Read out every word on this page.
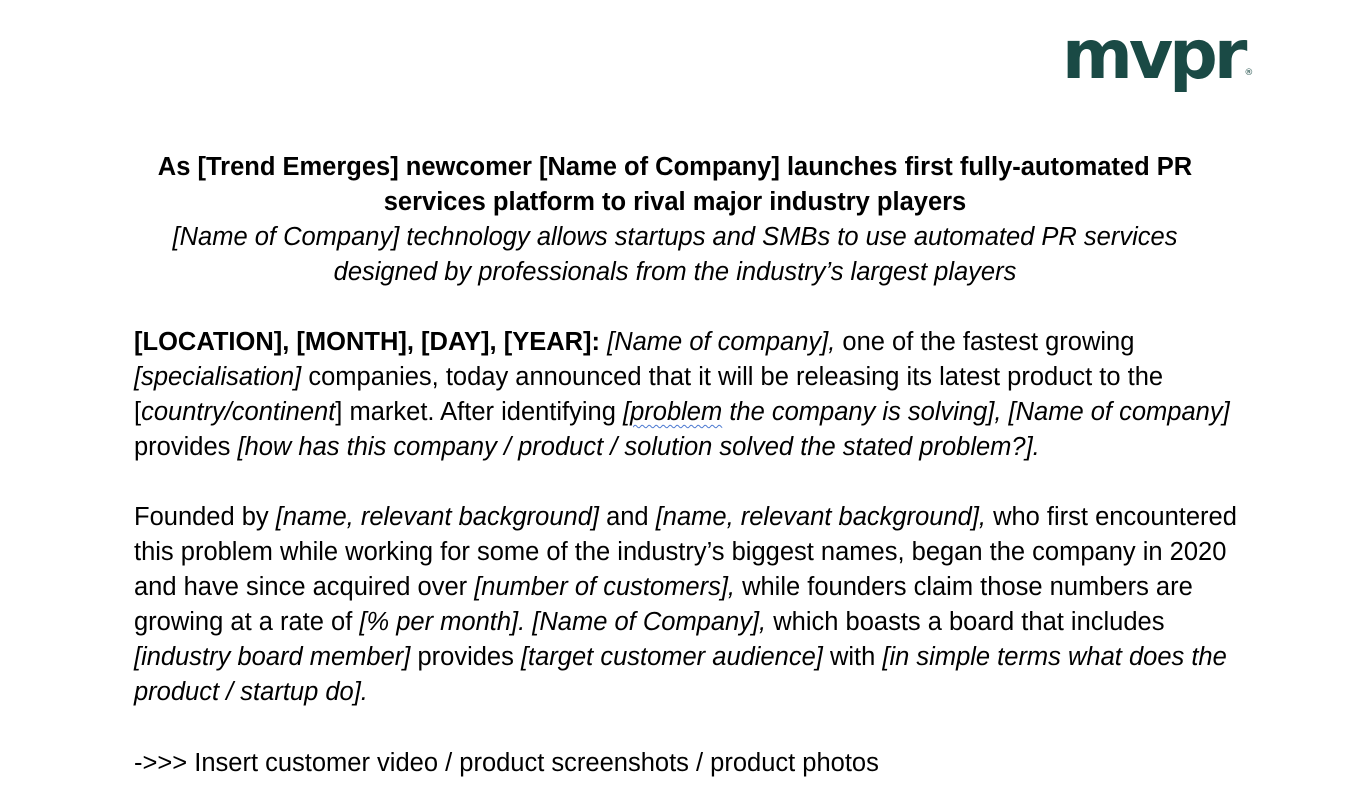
mvpr ®
As [Trend Emerges] newcomer [Name of Company] launches first fully-automated PR
services platform to rival major industry players

[Name of Company] technology allows startups and SMBs to use automated PR services
designed by professionals from the industry’s largest players

[LOCATION], [MONTH], [DAY], [YEAR]: [Name of company], one of the fastest growing [specialisation] companies, today announced that it will be releasing its latest product to the [country/continent] market. After identifying [problem the company is solving], [Name of company] provides [how has this company / product / solution solved the stated problem?].

Founded by [name, relevant background] and [name, relevant background], who first encountered this problem while working for some of the industry’s biggest names, began the company in 2020 and have since acquired over [number of customers], while founders claim those numbers are growing at a rate of [% per month]. [Name of Company], which boasts a board that includes [industry board member] provides [target customer audience] with [in simple terms what does the product / startup do].

->>> Insert customer video / product screenshots / product photos
